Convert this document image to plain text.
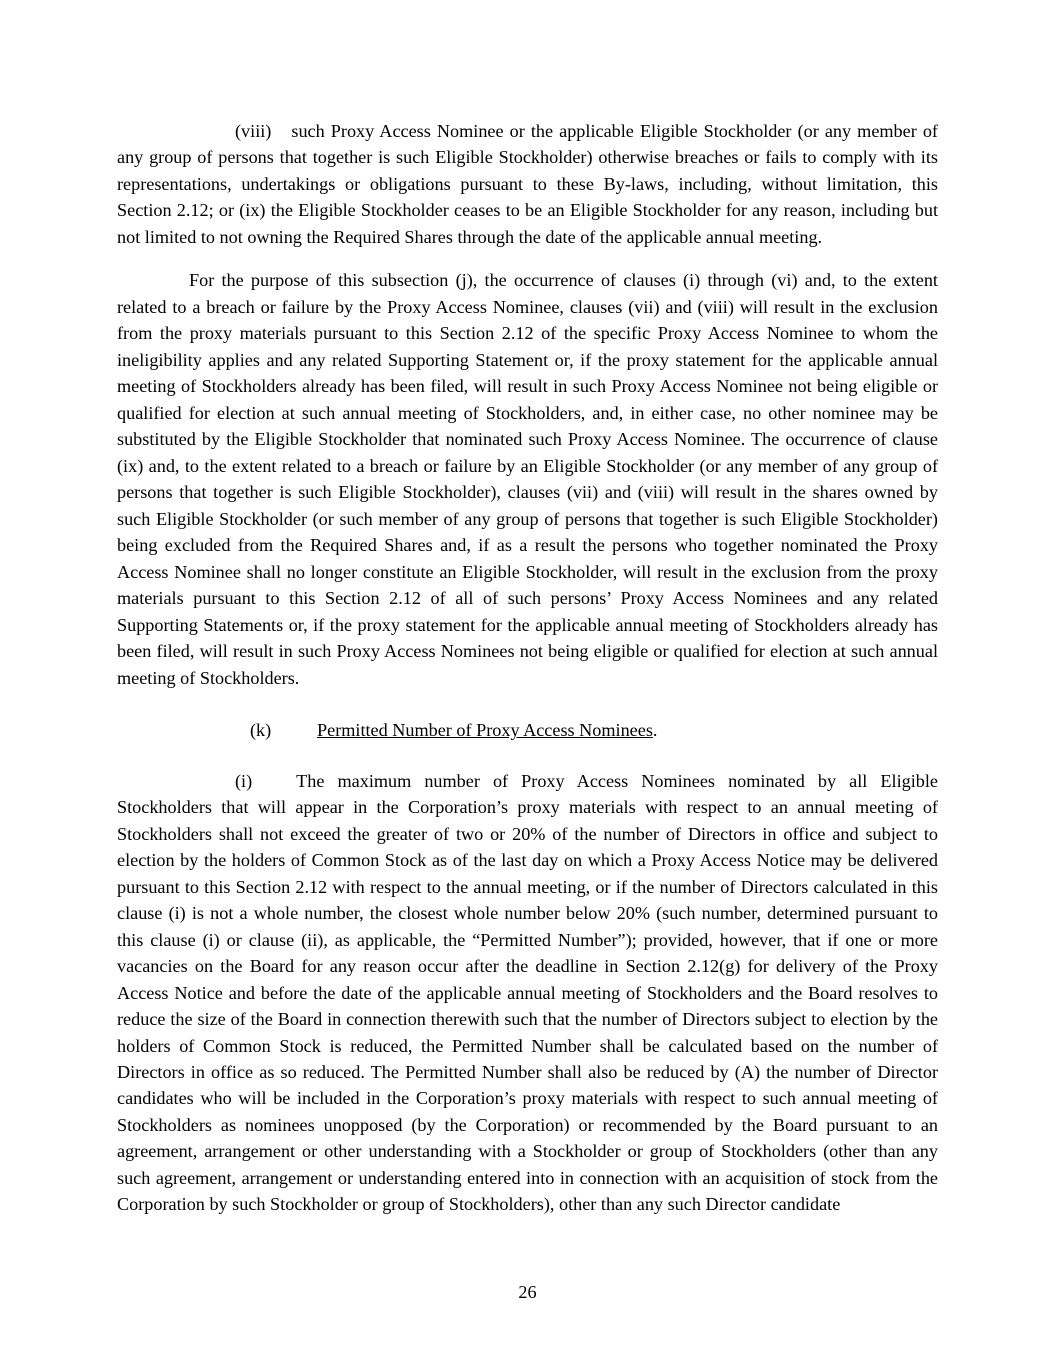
(viii) such Proxy Access Nominee or the applicable Eligible Stockholder (or any member of any group of persons that together is such Eligible Stockholder) otherwise breaches or fails to comply with its representations, undertakings or obligations pursuant to these By-laws, including, without limitation, this Section 2.12; or (ix) the Eligible Stockholder ceases to be an Eligible Stockholder for any reason, including but not limited to not owning the Required Shares through the date of the applicable annual meeting.

For the purpose of this subsection (j), the occurrence of clauses (i) through (vi) and, to the extent related to a breach or failure by the Proxy Access Nominee, clauses (vii) and (viii) will result in the exclusion from the proxy materials pursuant to this Section 2.12 of the specific Proxy Access Nominee to whom the ineligibility applies and any related Supporting Statement or, if the proxy statement for the applicable annual meeting of Stockholders already has been filed, will result in such Proxy Access Nominee not being eligible or qualified for election at such annual meeting of Stockholders, and, in either case, no other nominee may be substituted by the Eligible Stockholder that nominated such Proxy Access Nominee. The occurrence of clause (ix) and, to the extent related to a breach or failure by an Eligible Stockholder (or any member of any group of persons that together is such Eligible Stockholder), clauses (vii) and (viii) will result in the shares owned by such Eligible Stockholder (or such member of any group of persons that together is such Eligible Stockholder) being excluded from the Required Shares and, if as a result the persons who together nominated the Proxy Access Nominee shall no longer constitute an Eligible Stockholder, will result in the exclusion from the proxy materials pursuant to this Section 2.12 of all of such persons’ Proxy Access Nominees and any related Supporting Statements or, if the proxy statement for the applicable annual meeting of Stockholders already has been filed, will result in such Proxy Access Nominees not being eligible or qualified for election at such annual meeting of Stockholders.

(k)	Permitted Number of Proxy Access Nominees.

(i) The maximum number of Proxy Access Nominees nominated by all Eligible Stockholders that will appear in the Corporation’s proxy materials with respect to an annual meeting of Stockholders shall not exceed the greater of two or 20% of the number of Directors in office and subject to election by the holders of Common Stock as of the last day on which a Proxy Access Notice may be delivered pursuant to this Section 2.12 with respect to the annual meeting, or if the number of Directors calculated in this clause (i) is not a whole number, the closest whole number below 20% (such number, determined pursuant to this clause (i) or clause (ii), as applicable, the “Permitted Number”); provided, however, that if one or more vacancies on the Board for any reason occur after the deadline in Section 2.12(g) for delivery of the Proxy Access Notice and before the date of the applicable annual meeting of Stockholders and the Board resolves to reduce the size of the Board in connection therewith such that the number of Directors subject to election by the holders of Common Stock is reduced, the Permitted Number shall be calculated based on the number of Directors in office as so reduced. The Permitted Number shall also be reduced by (A) the number of Director candidates who will be included in the Corporation’s proxy materials with respect to such annual meeting of Stockholders as nominees unopposed (by the Corporation) or recommended by the Board pursuant to an agreement, arrangement or other understanding with a Stockholder or group of Stockholders (other than any such agreement, arrangement or understanding entered into in connection with an acquisition of stock from the Corporation by such Stockholder or group of Stockholders), other than any such Director candidate

26
